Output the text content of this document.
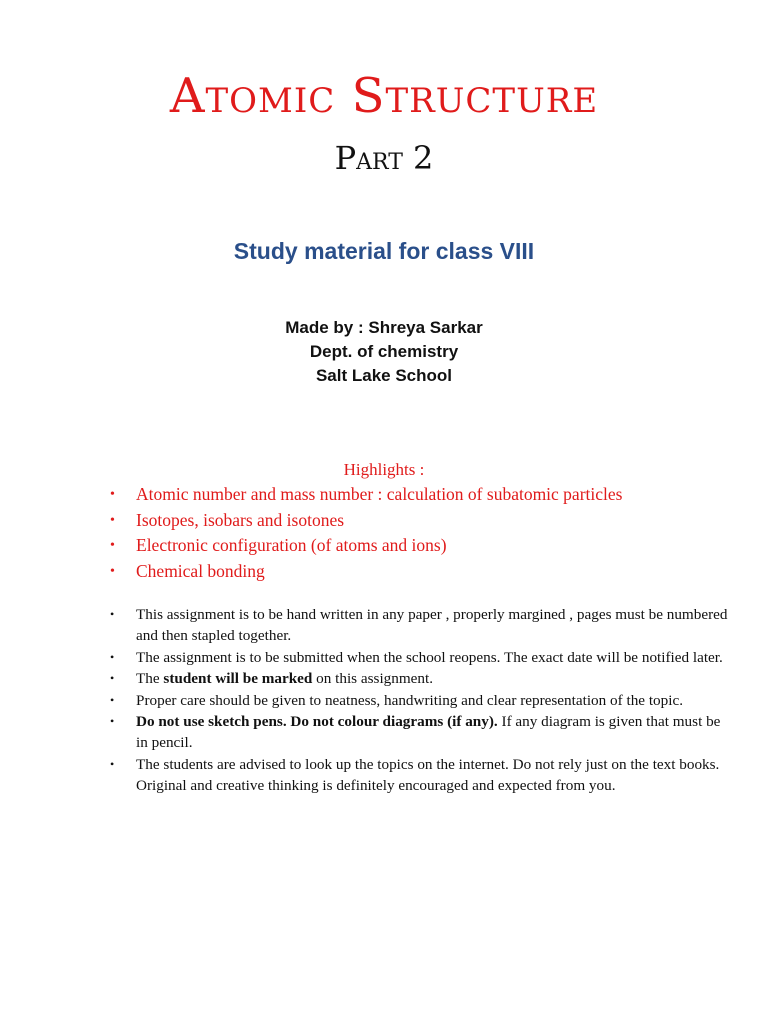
Atomic Structure
Part 2
Study material for class VIII
Made by : Shreya Sarkar
Dept. of chemistry
Salt Lake School
Highlights :
• Atomic number and mass number : calculation of subatomic particles
• Isotopes, isobars and isotones
• Electronic configuration (of atoms and ions)
• Chemical bonding
• This assignment is to be hand written in any paper , properly margined , pages must be numbered and then stapled together.
• The assignment is to be submitted when the school reopens. The exact date will be notified later.
• The student will be marked on this assignment.
• Proper care should be given to neatness, handwriting and clear representation of the topic.
• Do not use sketch pens. Do not colour diagrams (if any). If any diagram is given that must be in pencil.
• The students are advised to look up the topics on the internet. Do not rely just on the text books. Original and creative thinking is definitely encouraged and expected from you.
